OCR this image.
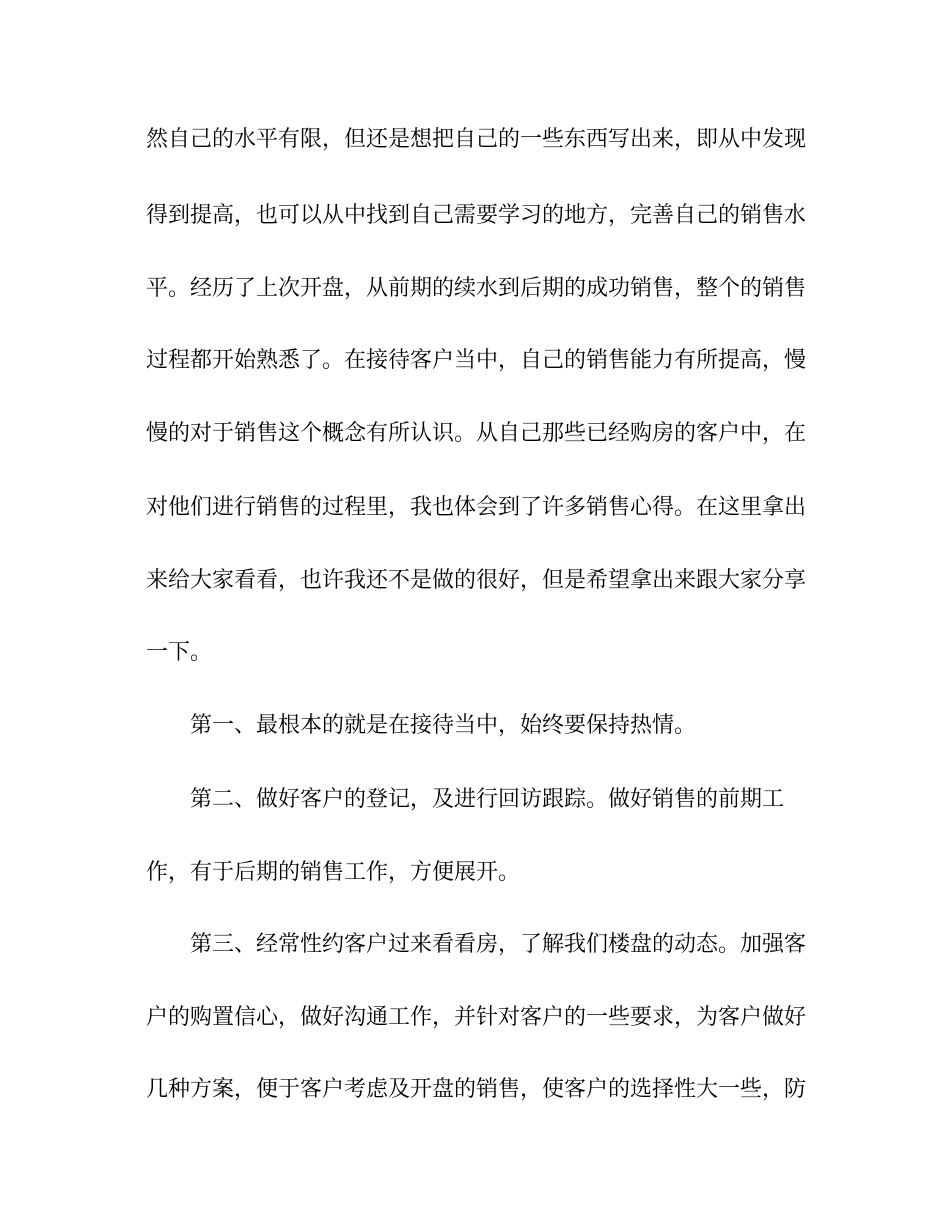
然自己的水平有限，但还是想把自己的一些东西写出来，即从中发现

得到提高，也可以从中找到自己需要学习的地方，完善自己的销售水

平。经历了上次开盘，从前期的续水到后期的成功销售，整个的销售

过程都开始熟悉了。在接待客户当中，自己的销售能力有所提高，慢

慢的对于销售这个概念有所认识。从自己那些已经购房的客户中，在

对他们进行销售的过程里，我也体会到了许多销售心得。在这里拿出

来给大家看看，也许我还不是做的很好，但是希望拿出来跟大家分享

一下。

第一、最根本的就是在接待当中，始终要保持热情。

第二、做好客户的登记，及进行回访跟踪。做好销售的前期工

作，有于后期的销售工作，方便展开。

第三、经常性约客户过来看看房，了解我们楼盘的动态。加强客

户的购置信心，做好沟通工作，并针对客户的一些要求，为客户做好

几种方案，便于客户考虑及开盘的销售，使客户的选择性大一些，防
